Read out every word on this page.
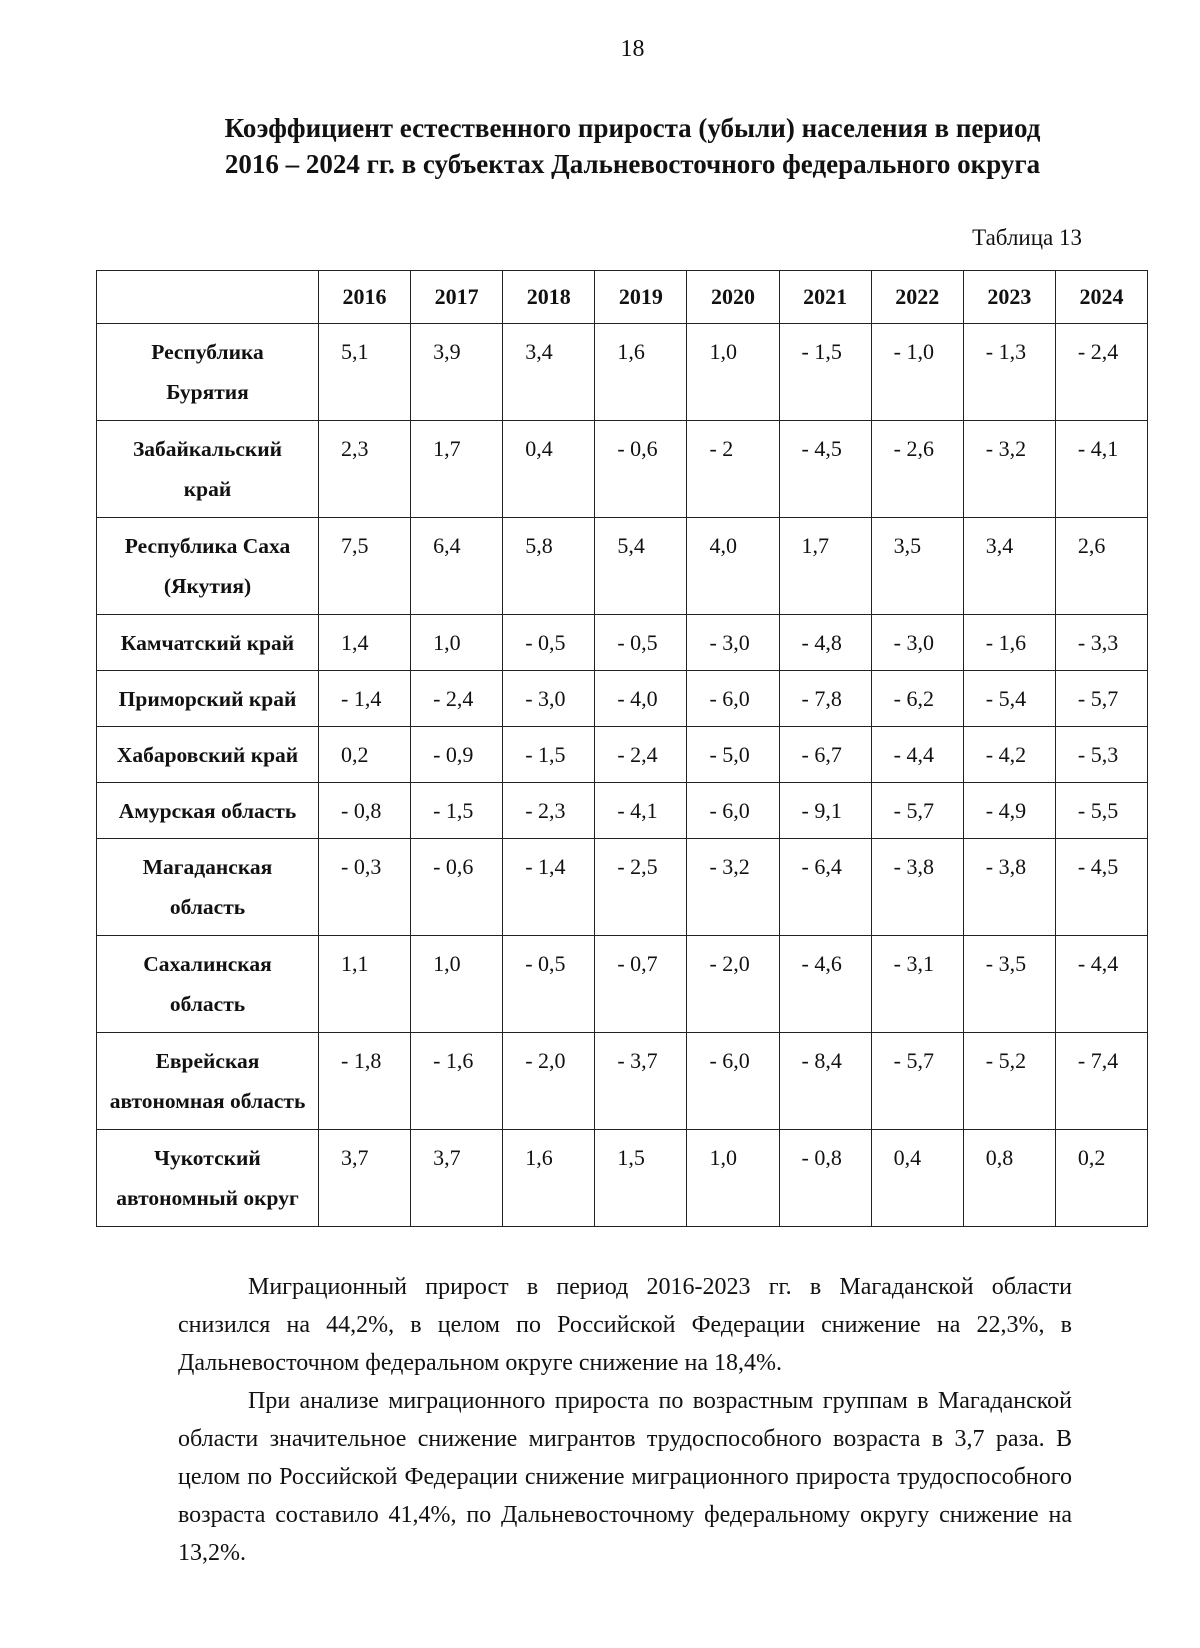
18
Коэффициент естественного прироста (убыли) населения в период
2016 – 2024 гг. в субъектах Дальневосточного федерального округа
Таблица 13
	2016	2017	2018	2019	2020	2021	2022	2023	2024

Республика
Бурятия	5,1	3,9	3,4	1,6	1,0	- 1,5	- 1,0	- 1,3	- 2,4

Забайкальский
край	2,3	1,7	0,4	- 0,6	- 2	- 4,5	- 2,6	- 3,2	- 4,1

Республика Саха
(Якутия)	7,5	6,4	5,8	5,4	4,0	1,7	3,5	3,4	2,6

Камчатский край	1,4	1,0	- 0,5	- 0,5	- 3,0	- 4,8	- 3,0	- 1,6	- 3,3

Приморский край	- 1,4	- 2,4	- 3,0	- 4,0	- 6,0	- 7,8	- 6,2	- 5,4	- 5,7

Хабаровский край	0,2	- 0,9	- 1,5	- 2,4	- 5,0	- 6,7	- 4,4	- 4,2	- 5,3

Амурская область	- 0,8	- 1,5	- 2,3	- 4,1	- 6,0	- 9,1	- 5,7	- 4,9	- 5,5

Магаданская
область	- 0,3	- 0,6	- 1,4	- 2,5	- 3,2	- 6,4	- 3,8	- 3,8	- 4,5

Сахалинская
область	1,1	1,0	- 0,5	- 0,7	- 2,0	- 4,6	- 3,1	- 3,5	- 4,4

Еврейская
автономная область	- 1,8	- 1,6	- 2,0	- 3,7	- 6,0	- 8,4	- 5,7	- 5,2	- 7,4

Чукотский
автономный округ	3,7	3,7	1,6	1,5	1,0	- 0,8	0,4	0,8	0,2

Миграционный прирост в период 2016-2023 гг. в Магаданской области снизился на 44,2%, в целом по Российской Федерации снижение на 22,3%, в Дальневосточном федеральном округе снижение на 18,4%.

При анализе миграционного прироста по возрастным группам в Магаданской области значительное снижение мигрантов трудоспособного возраста в 3,7 раза. В целом по Российской Федерации снижение миграционного прироста трудоспособного возраста составило 41,4%, по Дальневосточному федеральному округу снижение на 13,2%.
